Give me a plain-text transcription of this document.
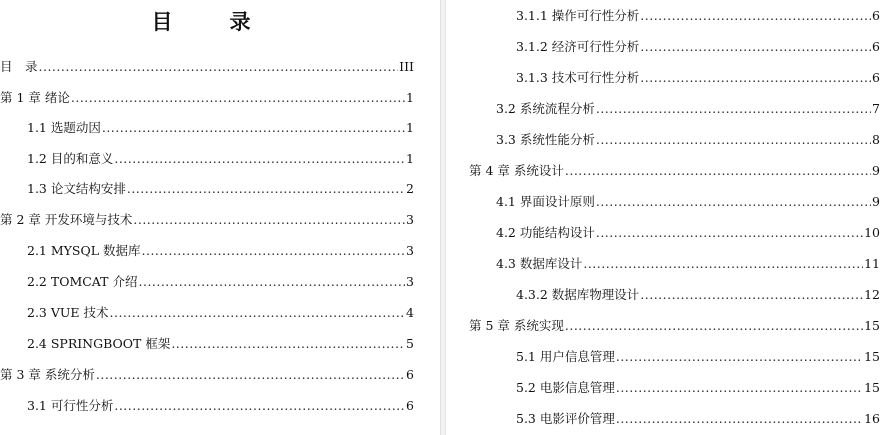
目　录
目　录 .....	III
第 1 章 绪论 .....	1
1.1 选题动因 .....	1
1.2 目的和意义 .....	1
1.3 论文结构安排 .....	2
第 2 章 开发环境与技术 .....	3
2.1 MYSQL 数据库 .....	3
2.2 TOMCAT 介绍 .....	3
2.3 VUE 技术 .....	4
2.4 SPRINGBOOT 框架 .....	5
第 3 章 系统分析 .....	6
3.1 可行性分析 .....	6
3.1.1 操作可行性分析 .....	6
3.1.2 经济可行性分析 .....	6
3.1.3 技术可行性分析 .....	6
3.2 系统流程分析 .....	7
3.3 系统性能分析 .....	8
第 4 章 系统设计 .....	9
4.1 界面设计原则 .....	9
4.2 功能结构设计 .....	10
4.3 数据库设计 .....	11
4.3.2 数据库物理设计 .....	12
第 5 章 系统实现 .....	15
5.1 用户信息管理 .....	15
5.2 电影信息管理 .....	15
5.3 电影评价管理 .....	16
